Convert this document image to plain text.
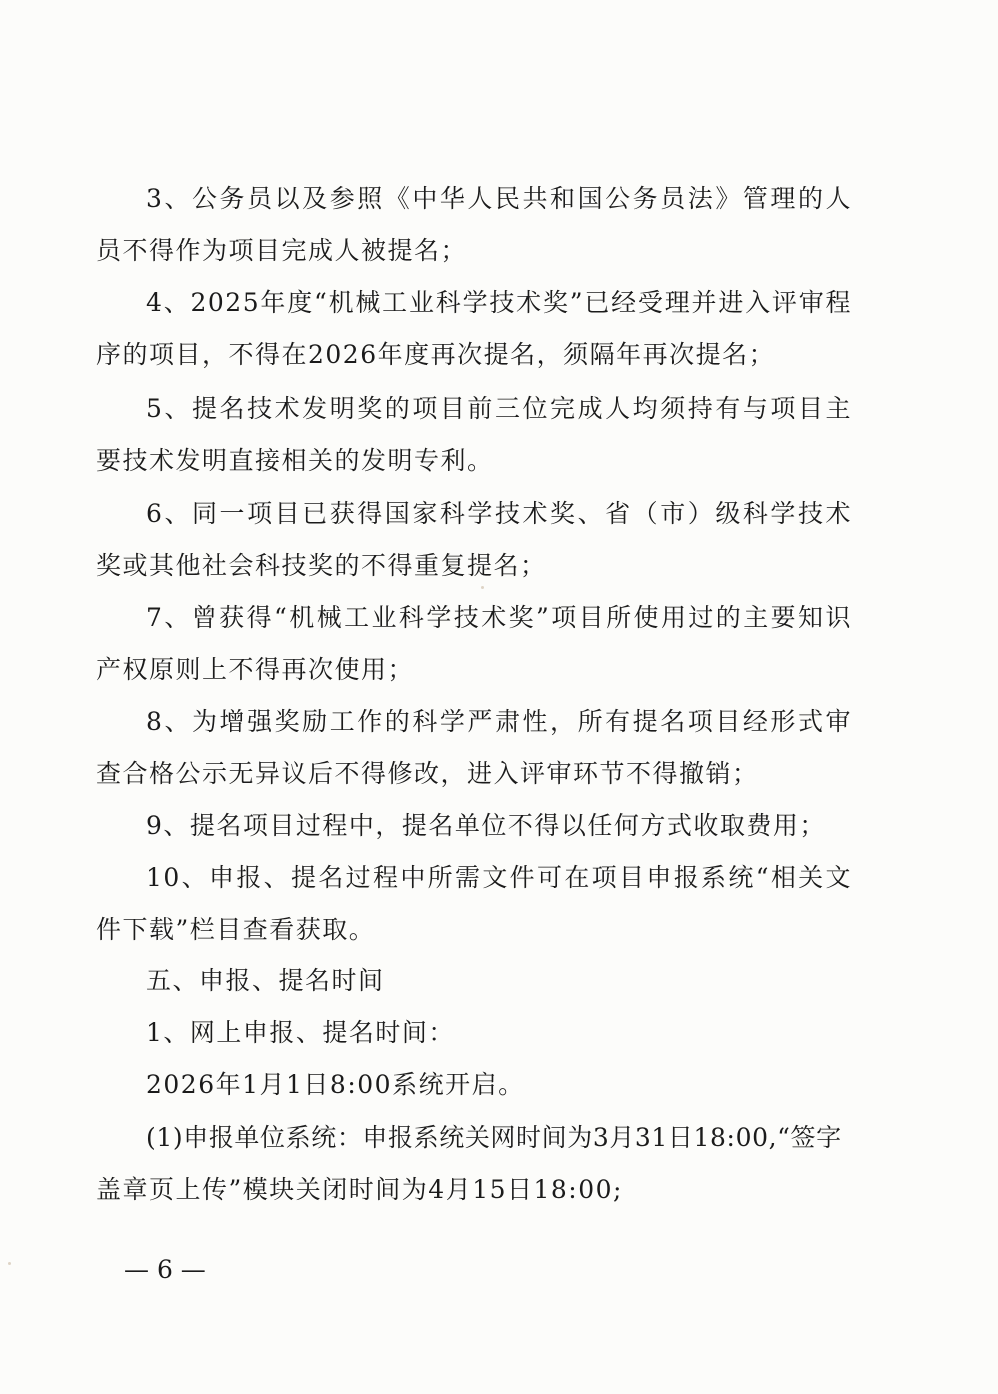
3、公务员以及参照《中华人民共和国公务员法》管理的人员不得作为项目完成人被提名；

4、2025年度“机械工业科学技术奖”已经受理并进入评审程序的项目，不得在2026年度再次提名，须隔年再次提名；

5、提名技术发明奖的项目前三位完成人均须持有与项目主要技术发明直接相关的发明专利。

6、同一项目已获得国家科学技术奖、省（市）级科学技术奖或其他社会科技奖的不得重复提名；

7、曾获得“机械工业科学技术奖”项目所使用过的主要知识产权原则上不得再次使用；

8、为增强奖励工作的科学严肃性，所有提名项目经形式审查合格公示无异议后不得修改，进入评审环节不得撤销；

9、提名项目过程中，提名单位不得以任何方式收取费用；

10、申报、提名过程中所需文件可在项目申报系统“相关文件下载”栏目查看获取。

五、申报、提名时间

1、网上申报、提名时间：

2026年1月1日8:00系统开启。

(1)申报单位系统：申报系统关网时间为3月31日18:00,“签字

盖章页上传”模块关闭时间为4月15日18:00;

— 6 —
